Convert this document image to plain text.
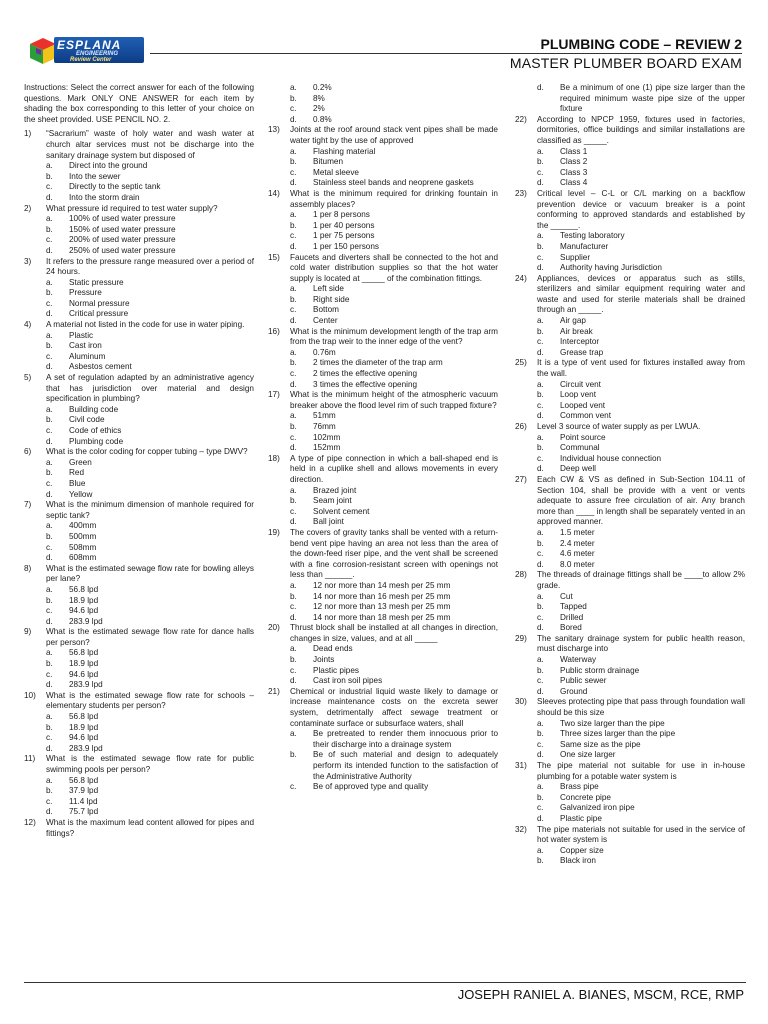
ESPLANA
ENGINEERING
Review Center
PLUMBING CODE – REVIEW 2
MASTER PLUMBER BOARD EXAM
Instructions: Select the correct answer for each of the following questions. Mark ONLY ONE ANSWER for each item by shading the box corresponding to this letter of your choice on the sheet provided. USE PENCIL NO. 2.
1)	“Sacrarium” waste of holy water and wash water at church altar services must not be discharge into the sanitary drainage system but disposed of
a.	Direct into the ground
b.	Into the sewer
c.	Directly to the septic tank
d.	Into the storm drain
2)	What pressure id required to test water supply?
a.	100% of used water pressure
b.	150% of used water pressure
c.	200% of used water pressure
d.	250% of used water pressure
3)	It refers to the pressure range measured over a period of 24 hours.
a.	Static pressure
b.	Pressure
c.	Normal pressure
d.	Critical pressure
4)	A material not listed in the code for use in water piping.
a.	Plastic
b.	Cast iron
c.	Aluminum
d.	Asbestos cement
5)	A set of regulation adapted by an administrative agency that has jurisdiction over material and design specification in plumbing?
a.	Building code
b.	Civil code
c.	Code of ethics
d.	Plumbing code
6)	What is the color coding for copper tubing – type DWV?
a.	Green
b.	Red
c.	Blue
d.	Yellow
7)	What is the minimum dimension of manhole required for septic tank?
a.	400mm
b.	500mm
c.	508mm
d.	608mm
8)	What is the estimated sewage flow rate for bowling alleys per lane?
a.	56.8 lpd
b.	18.9 lpd
c.	94.6 lpd
d.	283.9 lpd
9)	What is the estimated sewage flow rate for dance halls per person?
a.	56.8 lpd
b.	18.9 lpd
c.	94.6 lpd
d.	283.9 lpd
10)	What is the estimated sewage flow rate for schools – elementary students per person?
a.	56.8 lpd
b.	18.9 lpd
c.	94.6 lpd
d.	283.9 lpd
11)	What is the estimated sewage flow rate for public swimming pools per person?
a.	56.8 lpd
b.	37.9 lpd
c.	11.4 lpd
d.	75.7 lpd
12)	What is the maximum lead content allowed for pipes and fittings?
a.	0.2%
b.	8%
c.	2%
d.	0.8%
13)	Joints at the roof around stack vent pipes shall be made water tight by the use of approved
a.	Flashing material
b.	Bitumen
c.	Metal sleeve
d.	Stainless steel bands and neoprene gaskets
14)	What is the minimum required for drinking fountain in assembly places?
a.	1 per 8 persons
b.	1 per 40 persons
c.	1 per 75 persons
d.	1 per 150 persons
15)	Faucets and diverters shall be connected to the hot and cold water distribution supplies so that the hot water supply is located at _____ of the combination fittings.
a.	Left side
b.	Right side
c.	Bottom
d.	Center
16)	What is the minimum development length of the trap arm from the trap weir to the inner edge of the vent?
a.	0.76m
b.	2 times the diameter of the trap arm
c.	2 times the effective opening
d.	3 times the effective opening
17)	What is the minimum height of the atmospheric vacuum breaker above the flood level rim of such trapped fixture?
a.	51mm
b.	76mm
c.	102mm
d.	152mm
18)	A type of pipe connection in which a ball-shaped end is held in a cuplike shell and allows movements in every direction.
a.	Brazed joint
b.	Seam joint
c.	Solvent cement
d.	Ball joint
19)	The covers of gravity tanks shall be vented with a return-bend vent pipe having an area not less than the area of the down-feed riser pipe, and the vent shall be screened with a fine corrosion-resistant screen with openings not less than ______.
a.	12 nor more than 14 mesh per 25 mm
b.	14 nor more than 16 mesh per 25 mm
c.	12 nor more than 13 mesh per 25 mm
d.	14 nor more than 18 mesh per 25 mm
20)	Thrust block shall be installed at all changes in direction, changes in size, values, and at all _____
a.	Dead ends
b.	Joints
c.	Plastic pipes
d.	Cast iron soil pipes
21)	Chemical or industrial liquid waste likely to damage or increase maintenance costs on the excreta sewer system, detrimentally affect sewage treatment or contaminate surface or subsurface waters, shall
a.	Be pretreated to render them innocuous prior to their discharge into a drainage system
b.	Be of such material and design to adequately perform its intended function to the satisfaction of the Administrative Authority
c.	Be of approved type and quality
d.	Be a minimum of one (1) pipe size larger than the required minimum waste pipe size of the upper fixture
22)	According to NPCP 1959, fixtures used in factories, dormitories, office buildings and similar installations are classified as _____.
a.	Class 1
b.	Class 2
c.	Class 3
d.	Class 4
23)	Critical level – C-L or C/L marking on a backflow prevention device or vacuum breaker is a point conforming to approved standards and established by the ______.
a.	Testing laboratory
b.	Manufacturer
c.	Supplier
d.	Authority having Jurisdiction
24)	Appliances, devices or apparatus such as stills, sterilizers and similar equipment requiring water and waste and used for sterile materials shall be drained through an _____.
a.	Air gap
b.	Air break
c.	Interceptor
d.	Grease trap
25)	It is a type of vent used for fixtures installed away from the wall.
a.	Circuit vent
b.	Loop vent
c.	Looped vent
d.	Common vent
26)	Level 3 source of water supply as per LWUA.
a.	Point source
b.	Communal
c.	Individual house connection
d.	Deep well
27)	Each CW & VS as defined in Sub-Section 104.11 of Section 104, shall be provide with a vent or vents adequate to assure free circulation of air. Any branch more than ____ in length shall be separately vented in an approved manner.
a.	1.5 meter
b.	2.4 meter
c.	4.6 meter
d.	8.0 meter
28)	The threads of drainage fittings shall be ____to allow 2% grade.
a.	Cut
b.	Tapped
c.	Drilled
d.	Bored
29)	The sanitary drainage system for public health reason, must discharge into
a.	Waterway
b.	Public storm drainage
c.	Public sewer
d.	Ground
30)	Sleeves protecting pipe that pass through foundation wall should be this size
a.	Two size larger than the pipe
b.	Three sizes larger than the pipe
c.	Same size as the pipe
d.	One size larger
31)	The pipe material not suitable for use in in-house plumbing for a potable water system is
a.	Brass pipe
b.	Concrete pipe
c.	Galvanized iron pipe
d.	Plastic pipe
32)	The pipe materials not suitable for used in the service of hot water system is
a.	Copper size
b.	Black iron
JOSEPH RANIEL A. BIANES, MSCM, RCE, RMP
